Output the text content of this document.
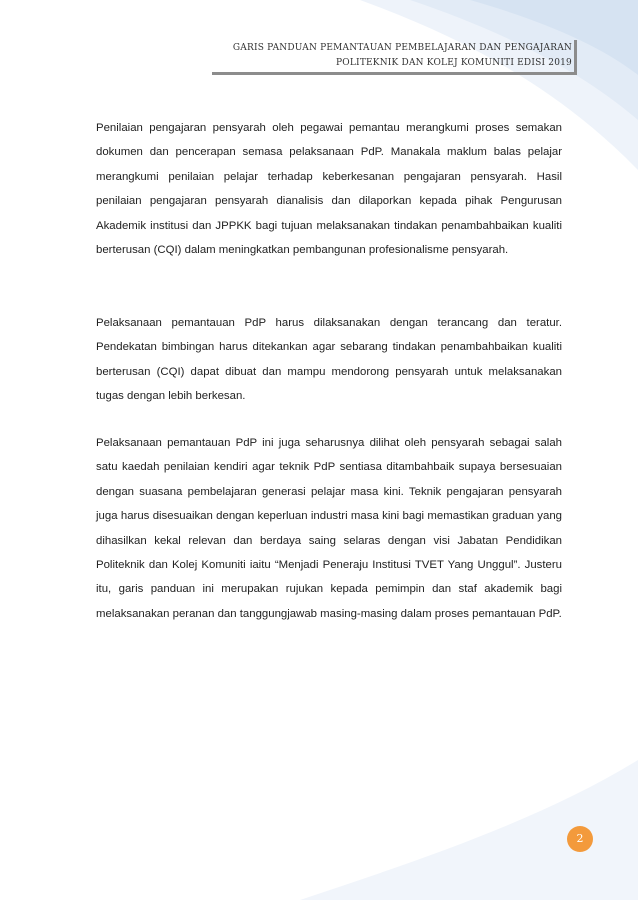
GARIS PANDUAN PEMANTAUAN PEMBELAJARAN DAN PENGAJARAN
POLITEKNIK DAN KOLEJ KOMUNITI EDISI 2019

Penilaian pengajaran pensyarah oleh pegawai pemantau merangkumi proses semakan dokumen dan pencerapan semasa pelaksanaan PdP. Manakala maklum balas pelajar merangkumi penilaian pelajar terhadap keberkesanan pengajaran pensyarah. Hasil penilaian pengajaran pensyarah dianalisis dan dilaporkan kepada pihak Pengurusan Akademik institusi dan JPPKK bagi tujuan melaksanakan tindakan penambahbaikan kualiti berterusan (CQI) dalam meningkatkan pembangunan profesionalisme pensyarah.

Pelaksanaan pemantauan PdP harus dilaksanakan dengan terancang dan teratur. Pendekatan bimbingan harus ditekankan agar sebarang tindakan penambahbaikan kualiti berterusan (CQI) dapat dibuat dan mampu mendorong pensyarah untuk melaksanakan tugas dengan lebih berkesan.

Pelaksanaan pemantauan PdP ini juga seharusnya dilihat oleh pensyarah sebagai salah satu kaedah penilaian kendiri agar teknik PdP sentiasa ditambahbaik supaya bersesuaian dengan suasana pembelajaran generasi pelajar masa kini. Teknik pengajaran pensyarah juga harus disesuaikan dengan keperluan industri masa kini bagi memastikan graduan yang dihasilkan kekal relevan dan berdaya saing selaras dengan visi Jabatan Pendidikan Politeknik dan Kolej Komuniti iaitu “Menjadi Peneraju Institusi TVET Yang Unggul”. Justeru itu, garis panduan ini merupakan rujukan kepada pemimpin dan staf akademik bagi melaksanakan peranan dan tanggungjawab masing-masing dalam proses pemantauan PdP.

2
